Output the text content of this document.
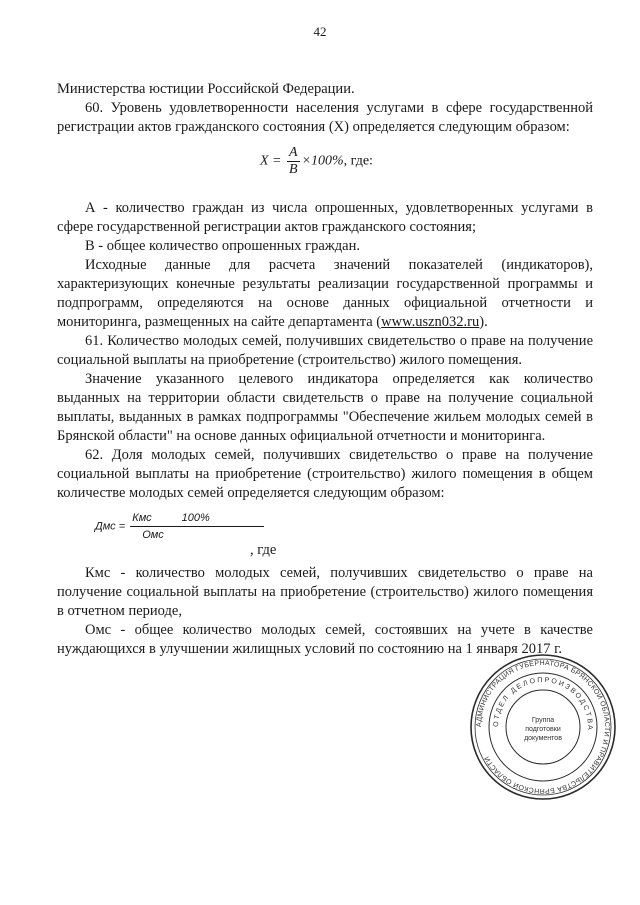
42

Министерства юстиции Российской Федерации.

60. Уровень удовлетворенности населения услугами в сфере государственной регистрации актов гражданского состояния (X) определяется следующим образом:

$X = \frac{A}{B} \times 100\%$, где:

А - количество граждан из числа опрошенных, удовлетворенных услугами в сфере государственной регистрации актов гражданского состояния;

В - общее количество опрошенных граждан.

Исходные данные для расчета значений показателей (индикаторов), характеризующих конечные результаты реализации государственной программы и подпрограмм, определяются на основе данных официальной отчетности и мониторинга, размещенных на сайте департамента (www.uszn032.ru).

61. Количество молодых семей, получивших свидетельство о праве на получение социальной выплаты на приобретение (строительство) жилого помещения.

Значение указанного целевого индикатора определяется как количество выданных на территории области свидетельств о праве на получение социальной выплаты, выданных в рамках подпрограммы "Обеспечение жильем молодых семей в Брянской области" на основе данных официальной отчетности и мониторинга.

62. Доля молодых семей, получивших свидетельство о праве на получение социальной выплаты на приобретение (строительство) жилого помещения в общем количестве молодых семей определяется следующим образом:

Дмс = Кмс	100%
Омс
, где

Кмс - количество молодых семей, получивших свидетельство о праве на получение социальной выплаты на приобретение (строительство) жилого помещения в отчетном периоде,

Омс - общее количество молодых семей, состоявших на учете в качестве нуждающихся в улучшении жилищных условий по состоянию на 1 января 2017 г.

АДМИНИСТРАЦИЯ ГУБЕРНАТОРА БРЯНСКОЙ ОБЛАСТИ И ПРАВИТЕЛЬСТВА БРЯНСКОЙ ОБЛАСТИ
ОТДЕЛ ДЕЛОПРОИЗВОДСТВА
Группа
подготовки
документов
